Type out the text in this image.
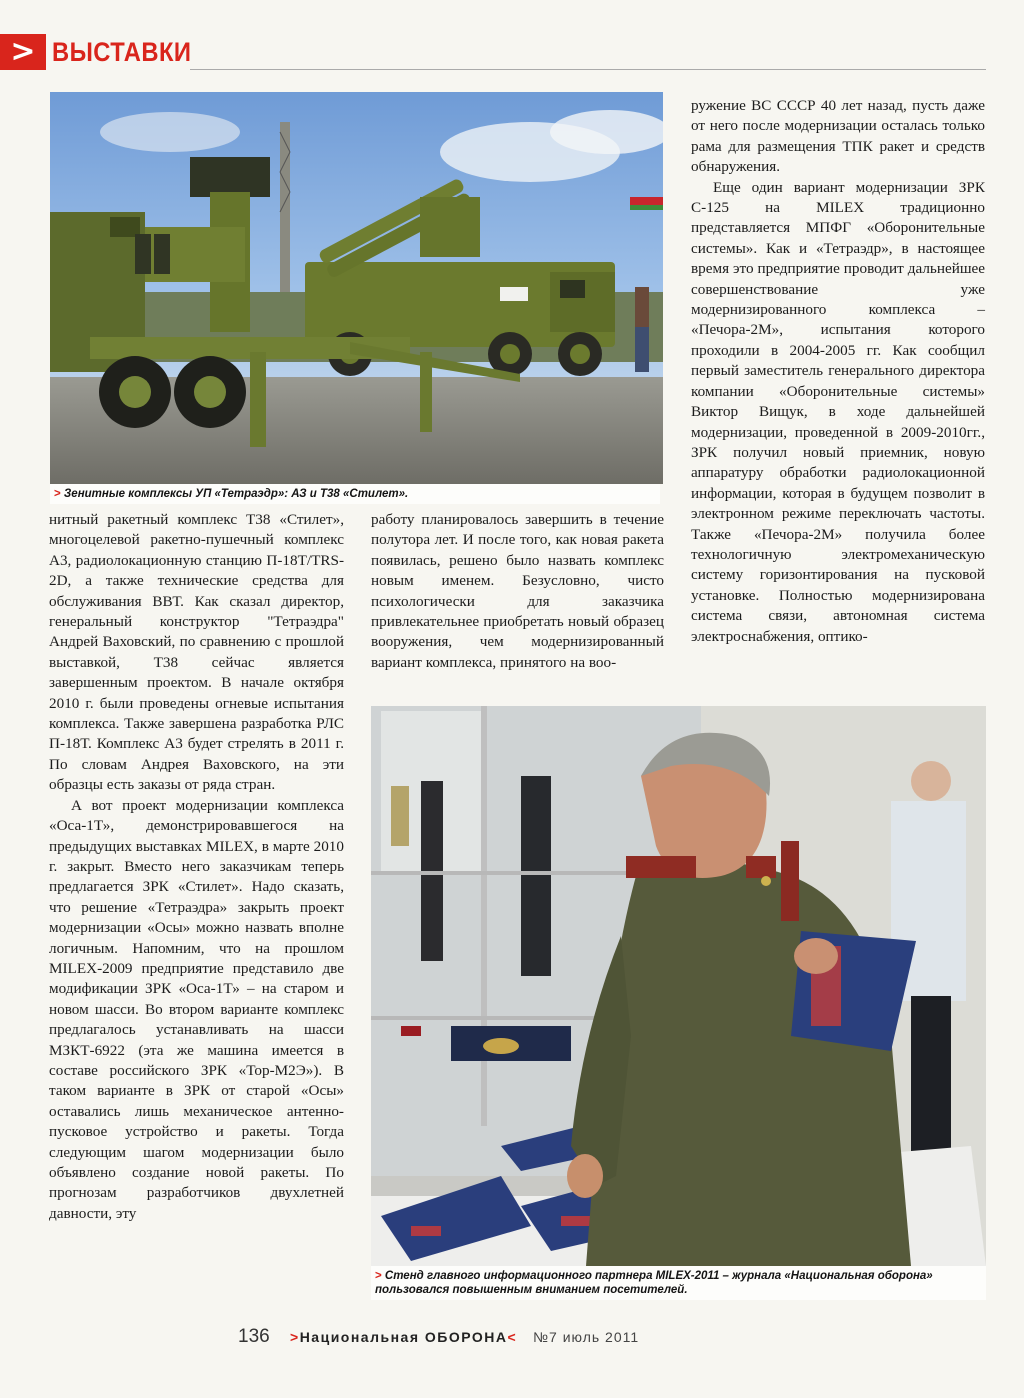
> ВЫСТАВКИ
> Зенитные комплексы УП «Тетраэдр»: АЗ и Т38 «Стилет».
> Стенд главного информационного партнера MILEX-2011 – журнала «Национальная оборона»
пользовался повышенным вниманием посетителей.

нитный ракетный комплекс Т38 «Стилет», многоцелевой ракетно-пушечный комплекс А3, радиолокационную станцию П-18Т/TRS-2D, а также технические средства для обслуживания ВВТ. Как сказал директор, генеральный конструктор "Тетраэдра" Андрей Ваховский, по сравнению с прошлой выставкой, Т38 сейчас является завершенным проектом. В начале октября 2010 г. были проведены огневые испытания комплекса. Также завершена разработка РЛС П-18Т. Комплекс А3 будет стрелять в 2011 г. По словам Андрея Ваховского, на эти образцы есть заказы от ряда стран.

А вот проект модернизации комплекса «Оса-1Т», демонстрировавшегося на предыдущих выставках MILEX, в марте 2010 г. закрыт. Вместо него заказчикам теперь предлагается ЗРК «Стилет». Надо сказать, что решение «Тетраэдра» закрыть проект модернизации «Осы» можно назвать вполне логичным. Напомним, что на прошлом MILEX-2009 предприятие представило две модификации ЗРК «Оса-1Т» – на старом и новом шасси. Во втором варианте комплекс предлагалось устанавливать на шасси МЗКТ-6922 (эта же машина имеется в составе российского ЗРК «Тор-М2Э»). В таком варианте в ЗРК от старой «Осы» оставались лишь механическое антенно-пусковое устройство и ракеты. Тогда следующим шагом модернизации было объявлено создание новой ракеты. По прогнозам разработчиков двухлетней давности, эту

работу планировалось завершить в течение полутора лет. И после того, как новая ракета появилась, решено было назвать комплекс новым именем. Безусловно, чисто психологически для заказчика привлекательнее приобретать новый образец вооружения, чем модернизированный вариант комплекса, принятого на воо-

ружение ВС СССР 40 лет назад, пусть даже от него после модернизации осталась только рама для размещения ТПК ракет и средств обнаружения.

Еще один вариант модернизации ЗРК С-125 на MILEX традиционно представляется МПФГ «Оборонительные системы». Как и «Тетраэдр», в настоящее время это предприятие проводит дальнейшее совершенствование уже модернизированного комплекса – «Печора-2М», испытания которого проходили в 2004-2005 гг. Как сообщил первый заместитель генерального директора компании «Оборонительные системы» Виктор Вищук, в ходе дальнейшей модернизации, проведенной в 2009-2010гг., ЗРК получил новый приемник, новую аппаратуру обработки радиолокационной информации, которая в будущем позволит в электронном режиме переключать частоты. Также «Печора-2М» получила более технологичную электромеханическую систему горизонтирования на пусковой установке. Полностью модернизирована система связи, автономная система электроснабжения, оптико-

136 >Национальная ОБОРОНА< №7 июль 2011
